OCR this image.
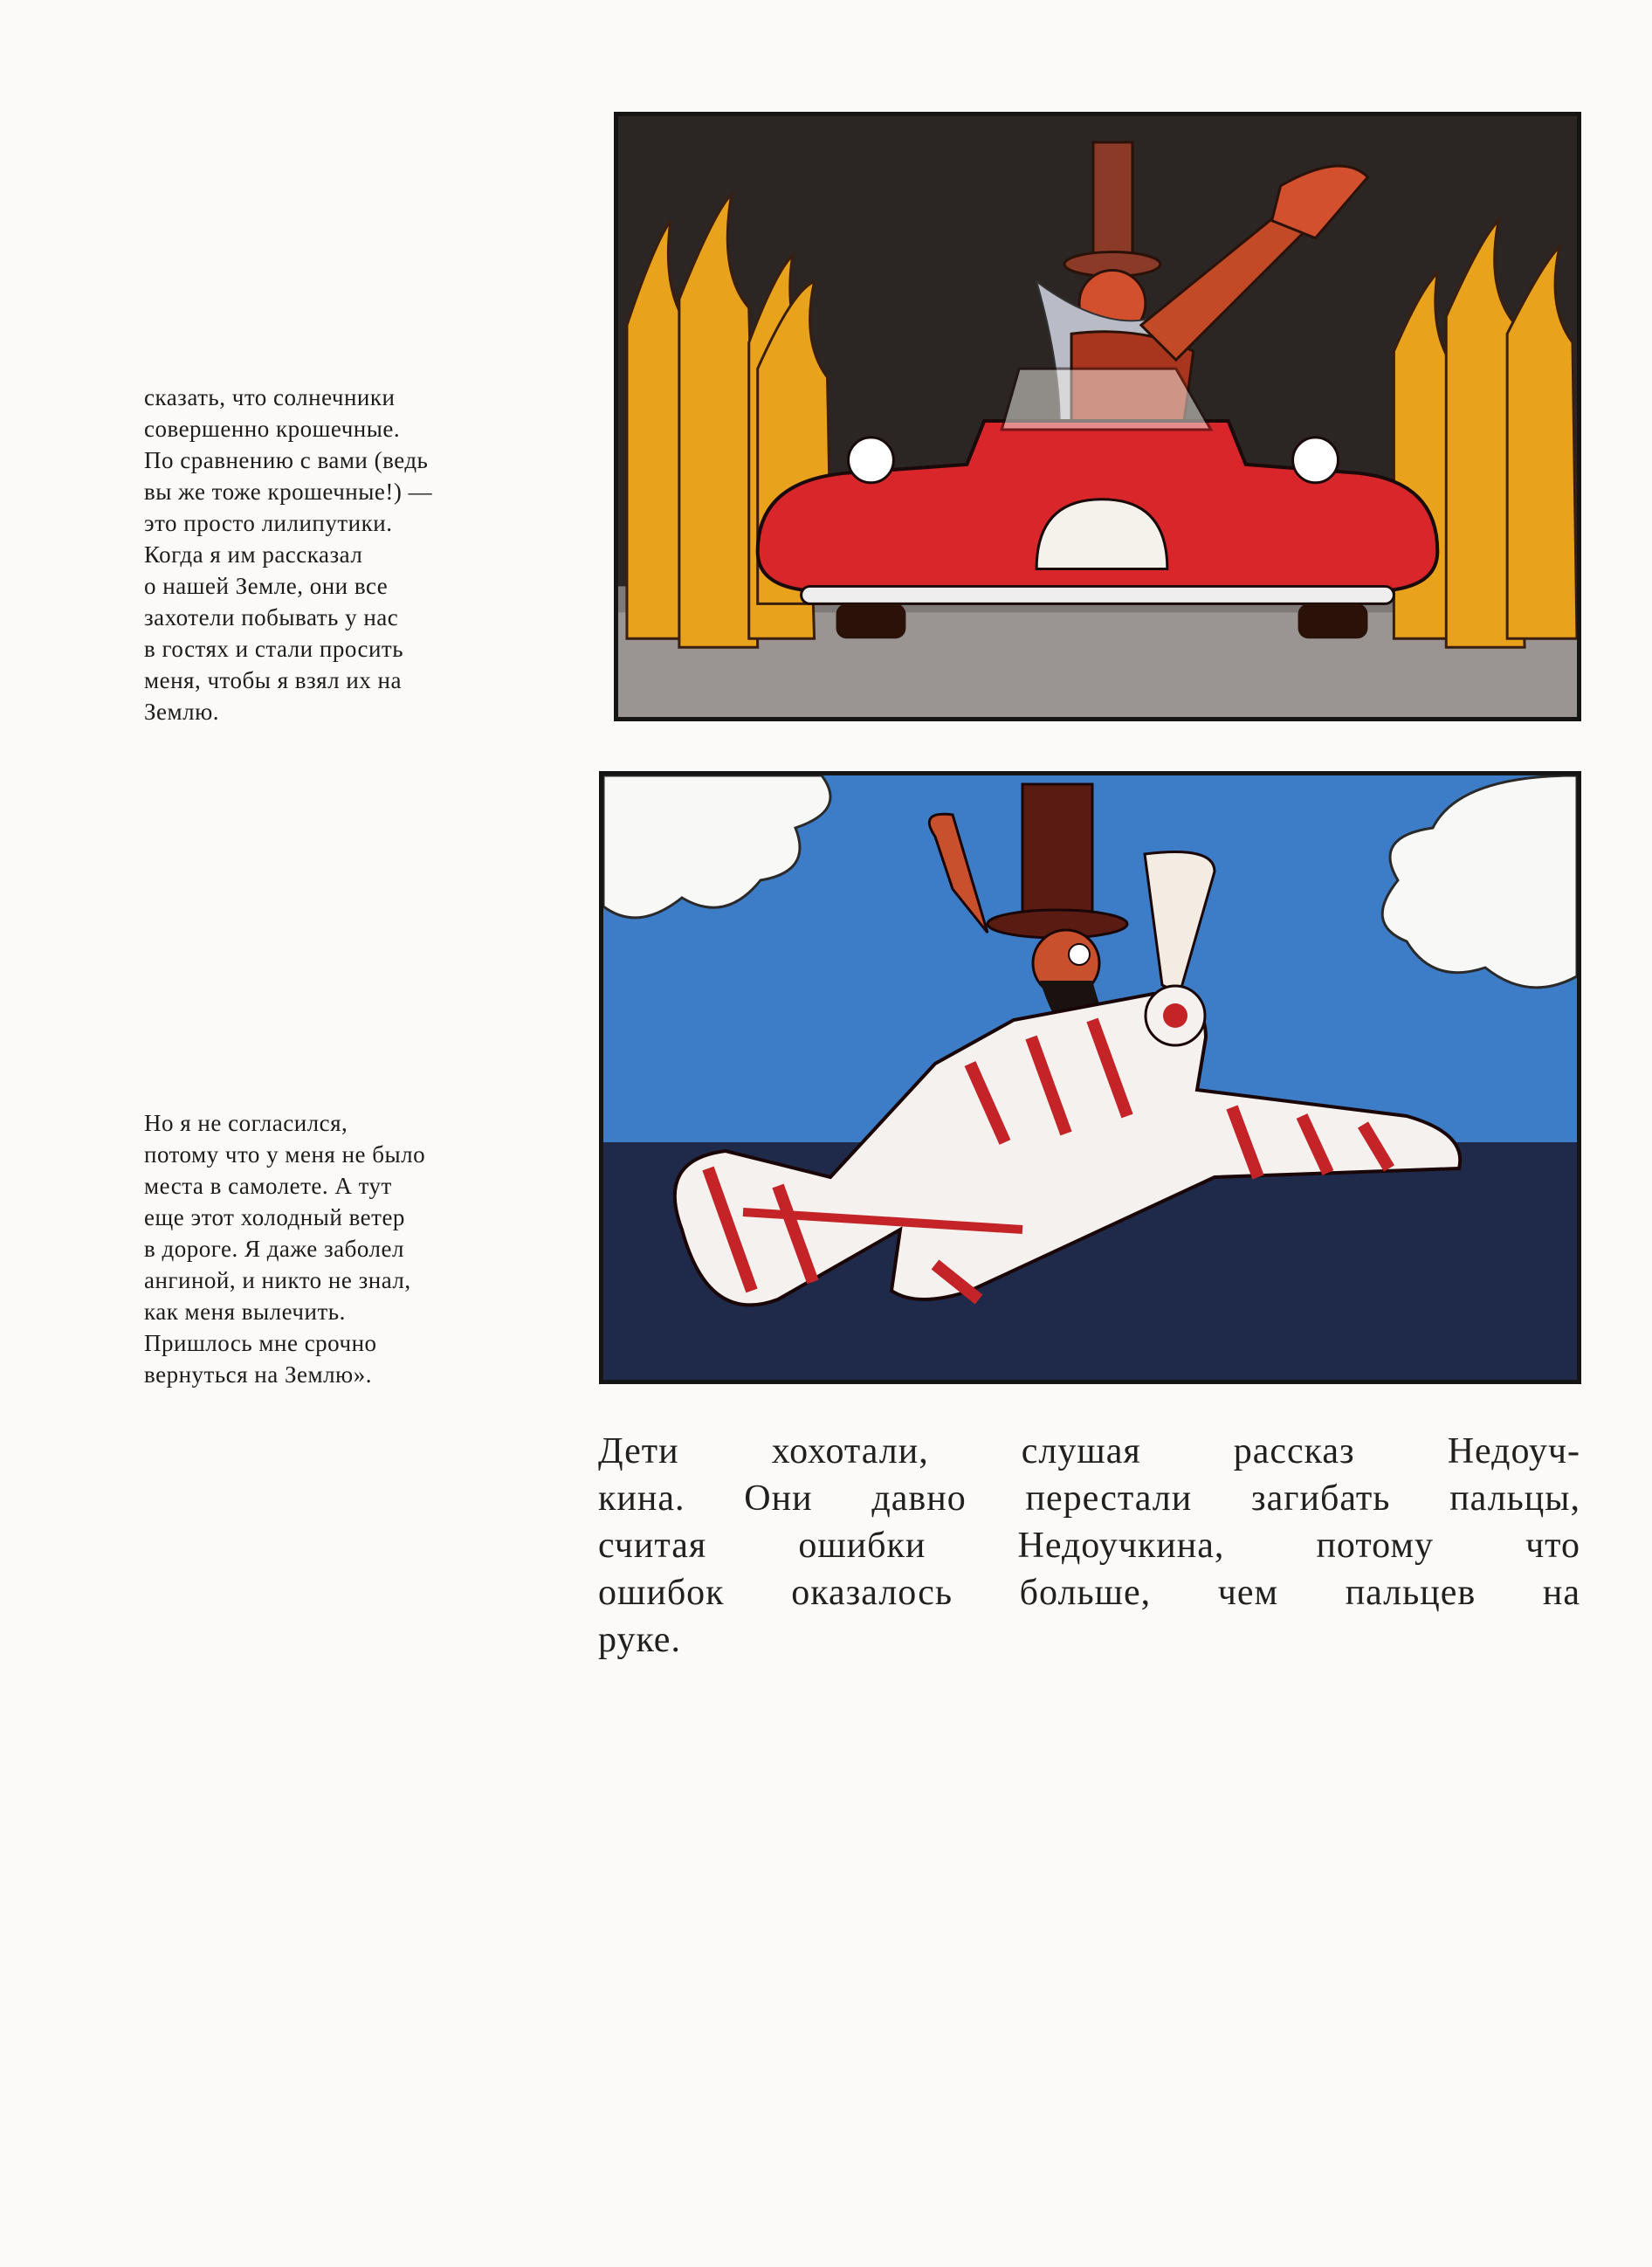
сказать, что солнечники
совершенно крошечные.
По сравнению с вами (ведь
вы же тоже крошечные!) —
это просто лилипутики.
Когда я им рассказал
о нашей Земле, они все
захотели побывать у нас
в гостях и стали просить
меня, чтобы я взял их на
Землю.
Но я не согласился,
потому что у меня не было
места в самолете. А тут
еще этот холодный ветер
в дороге. Я даже заболел
ангиной, и никто не знал,
как меня вылечить.
Пришлось мне срочно
вернуться на Землю».
Дети хохотали, слушая рассказ Недоуч-
кина. Они давно перестали загибать пальцы,
считая ошибки Недоучкина, потому что
ошибок оказалось больше, чем пальцев на
руке.
